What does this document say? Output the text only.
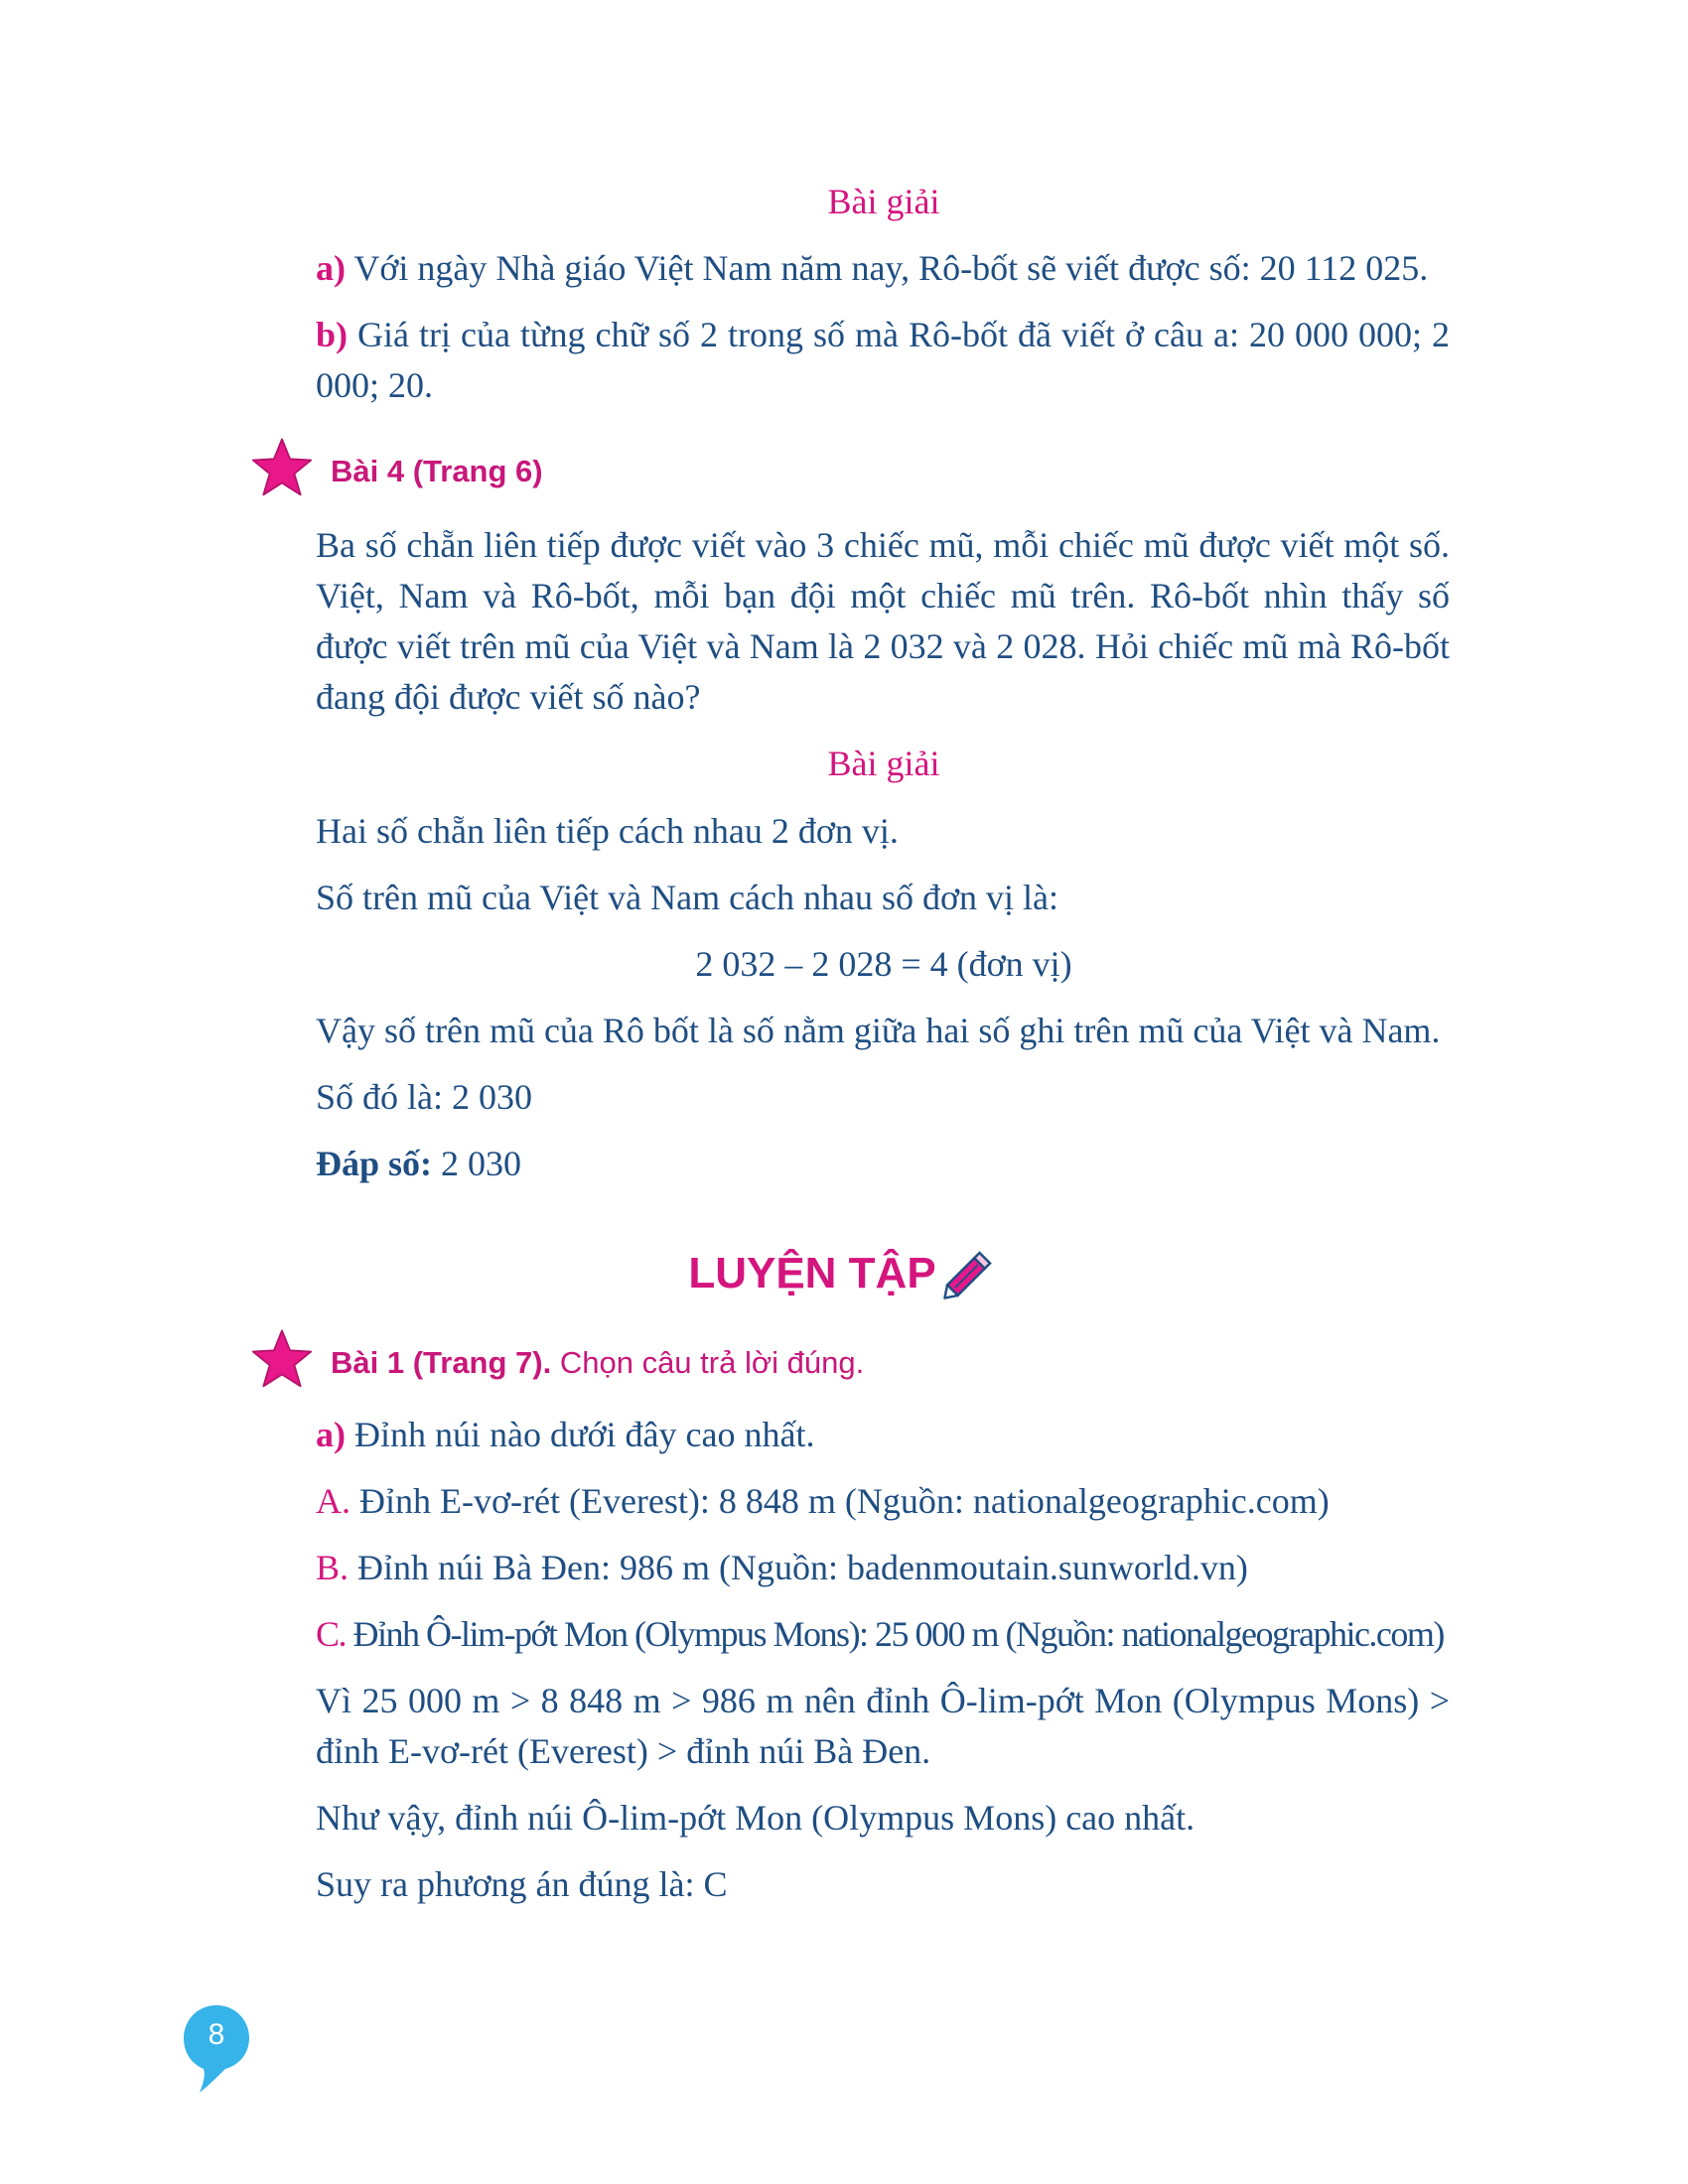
Bài giải
a) Với ngày Nhà giáo Việt Nam năm nay, Rô-bốt sẽ viết được số: 20 112 025.
b) Giá trị của từng chữ số 2 trong số mà Rô-bốt đã viết ở câu a: 20 000 000; 2 000; 20.
Bài 4 (Trang 6)
Ba số chẵn liên tiếp được viết vào 3 chiếc mũ, mỗi chiếc mũ được viết một số. Việt, Nam và Rô-bốt, mỗi bạn đội một chiếc mũ trên. Rô-bốt nhìn thấy số được viết trên mũ của Việt và Nam là 2 032 và 2 028. Hỏi chiếc mũ mà Rô-bốt đang đội được viết số nào?
Bài giải
Hai số chẵn liên tiếp cách nhau 2 đơn vị.
Số trên mũ của Việt và Nam cách nhau số đơn vị là:
2 032 – 2 028 = 4 (đơn vị)
Vậy số trên mũ của Rô bốt là số nằm giữa hai số ghi trên mũ của Việt và Nam.
Số đó là: 2 030
Đáp số: 2 030
LUYỆN TẬP
Bài 1 (Trang 7). Chọn câu trả lời đúng.
a) Đỉnh núi nào dưới đây cao nhất.
A. Đỉnh E-vơ-rét (Everest): 8 848 m (Nguồn: nationalgeographic.com)
B. Đỉnh núi Bà Đen: 986 m (Nguồn: badenmoutain.sunworld.vn)
C. Đỉnh Ô-lim-pớt Mon (Olympus Mons): 25 000 m (Nguồn: nationalgeographic.com)
Vì 25 000 m > 8 848 m > 986 m nên đỉnh Ô-lim-pớt Mon (Olympus Mons) > đỉnh E-vơ-rét (Everest) > đỉnh núi Bà Đen.
Như vậy, đỉnh núi Ô-lim-pớt Mon (Olympus Mons) cao nhất.
Suy ra phương án đúng là: C
8
